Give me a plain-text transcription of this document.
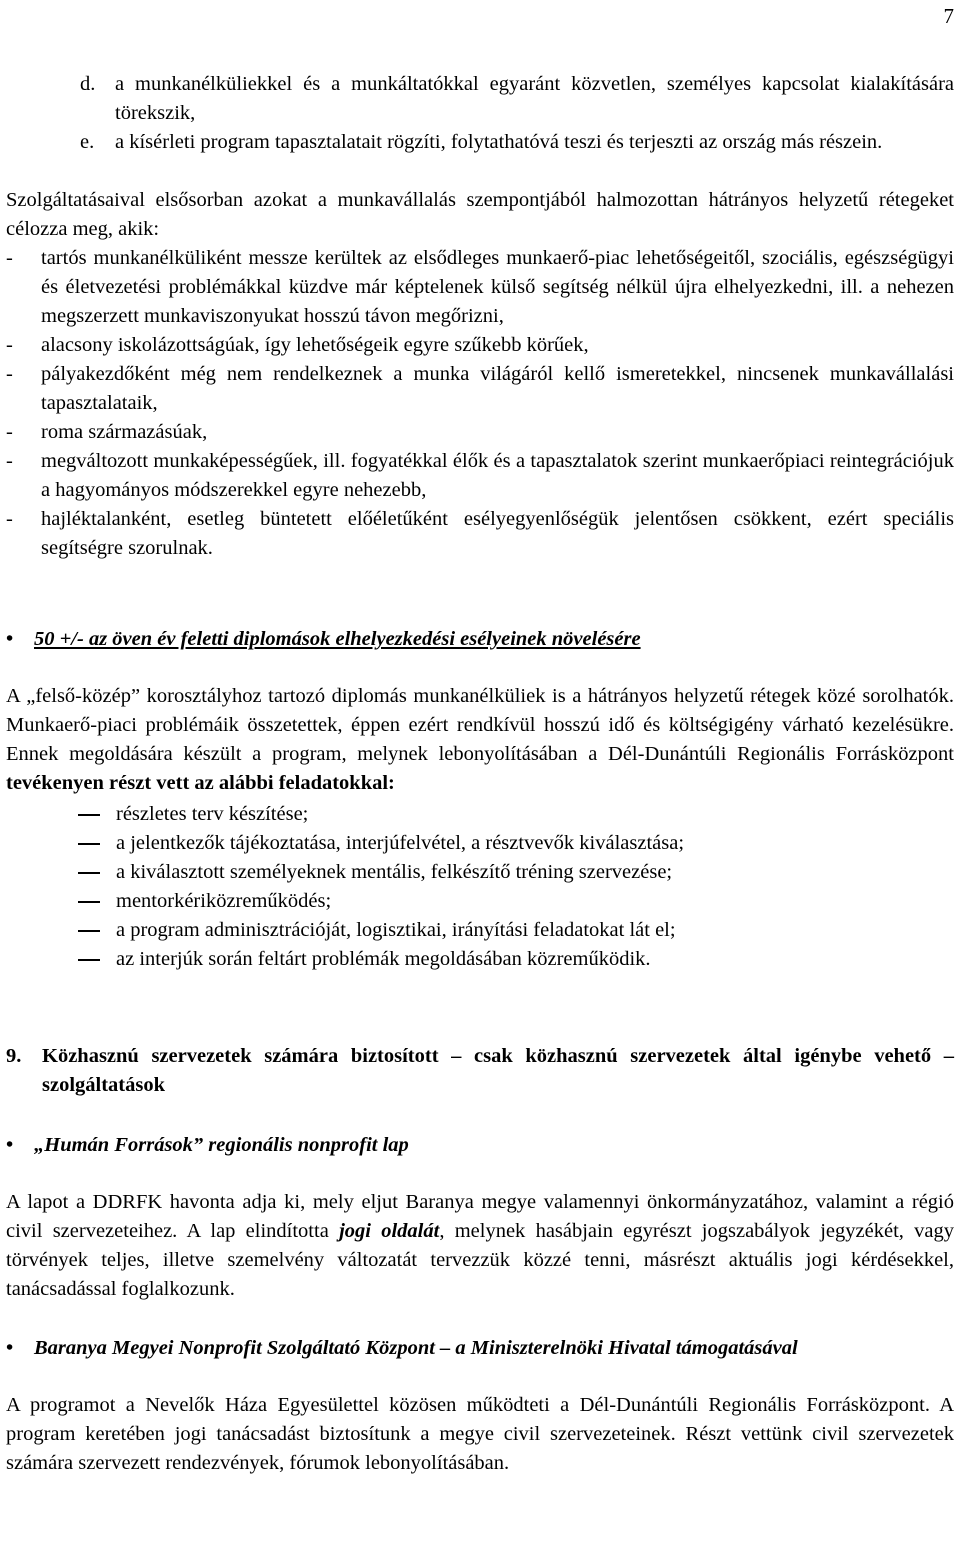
7
d. a munkanélküliekkel és a munkáltatókkal egyaránt közvetlen, személyes kapcsolat kialakítására törekszik,
e. a kísérleti program tapasztalatait rögzíti, folytathatóvá teszi és terjeszti az ország más részein.

Szolgáltatásaival elsősorban azokat a munkavállalás szempontjából halmozottan hátrányos helyzetű rétegeket célozza meg, akik:

- tartós munkanélküliként messze kerültek az elsődleges munkaerő-piac lehetőségeitől, szociális, egészségügyi és életvezetési problémákkal küzdve már képtelenek külső segítség nélkül újra elhelyezkedni, ill. a nehezen megszerzett munkaviszonyukat hosszú távon megőrizni,
- alacsony iskolázottságúak, így lehetőségeik egyre szűkebb körűek,
- pályakezdőként még nem rendelkeznek a munka világáról kellő ismeretekkel, nincsenek munkavállalási tapasztalataik,
- roma származásúak,
- megváltozott munkaképességűek, ill. fogyatékkal élők és a tapasztalatok szerint munkaerőpiaci reintegrációjuk a hagyományos módszerekkel egyre nehezebb,
- hajléktalanként, esetleg büntetett előéletűként esélyegyenlőségük jelentősen csökkent, ezért speciális segítségre szorulnak.
• 50 +/- az öven év feletti diplomások elhelyezkedési esélyeinek növelésére

A „felső-közép” korosztályhoz tartozó diplomás munkanélküliek is a hátrányos helyzetű rétegek közé sorolhatók. Munkaerő-piaci problémáik összetettek, éppen ezért rendkívül hosszú idő és költségigény várható kezelésükre. Ennek megoldására készült a program, melynek lebonyolításában a Dél-Dunántúli Regionális Forrásközpont tevékenyen részt vett az alábbi feladatokkal:

részletes terv készítése;
a jelentkezők tájékoztatása, interjúfelvétel, a résztvevők kiválasztása;
a kiválasztott személyeknek mentális, felkészítő tréning szervezése;
mentorkériközreműködés;
a program adminisztrációját, logisztikai, irányítási feladatokat lát el;
az interjúk során feltárt problémák megoldásában közreműködik.
9. Közhasznú szervezetek számára biztosított – csak közhasznú szervezetek által igénybe vehető – szolgáltatások
• „Humán Források” regionális nonprofit lap

A lapot a DDRFK havonta adja ki, mely eljut Baranya megye valamennyi önkormányzatához, valamint a régió civil szervezeteihez. A lap elindította jogi oldalát, melynek hasábjain egyrészt jogszabályok jegyzékét, vagy törvények teljes, illetve szemelvény változatát tervezzük közzé tenni, másrészt aktuális jogi kérdésekkel, tanácsadással foglalkozunk.

• Baranya Megyei Nonprofit Szolgáltató Központ – a Miniszterelnöki Hivatal támogatásával

A programot a Nevelők Háza Egyesülettel közösen működteti a Dél-Dunántúli Regionális Forrásközpont. A program keretében jogi tanácsadást biztosítunk a megye civil szervezeteinek. Részt vettünk civil szervezetek számára szervezett rendezvények, fórumok lebonyolításában.
